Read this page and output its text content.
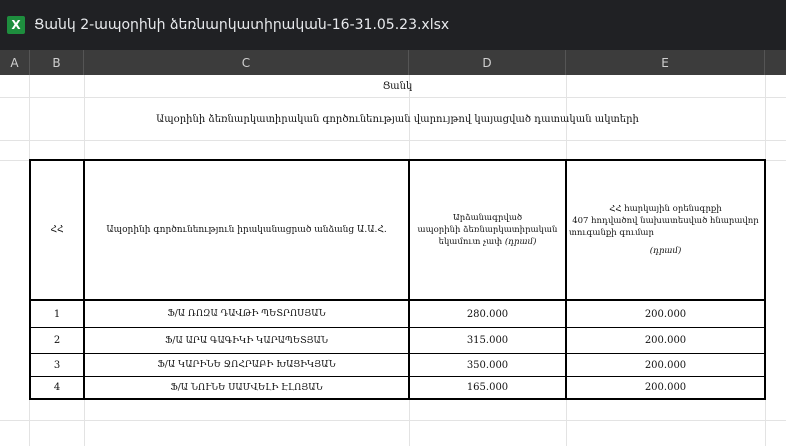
X Ցանկ 2-ապօրինի ձեռնարկատիրական-16-31.05.23.xlsx
A	B	C	D	E
Ցանկ
Ապօրինի ձեռնարկատիրական գործունեության վարույթով կայացված դատական ակտերի
ՀՀ	Ապօրինի գործունեություն իրականացրած անձանց Ա.Ա.Հ.
Արձանագրված
ապօրինի ձեռնարկատիրական
եկամուտ չափ (դրամ)
ՀՀ հարկային օրենսգրքի
407 հոդվածով նախատեսված հնարավոր
տուգանքի գումար
(դրամ)
1	Ֆ/Ա ՌՈԶԱ ԴԱՎԹԻ ՊԵՏՐՈՍՅԱՆ	280.000	200.000
2	Ֆ/Ա ԱՐԱ ԳԱԳԻԿԻ ԿԱՐԱՊԵՏՅԱՆ	315.000	200.000
3	Ֆ/Ա ԿԱՐԻՆԵ ՋՈՀՐԱԲԻ ԽԱՑԻԿՅԱՆ	350.000	200.000
4	Ֆ/Ա ՆՈՒՆԵ ՍԱՄՎԵԼԻ ԷԼՈՅԱՆ	165.000	200.000
